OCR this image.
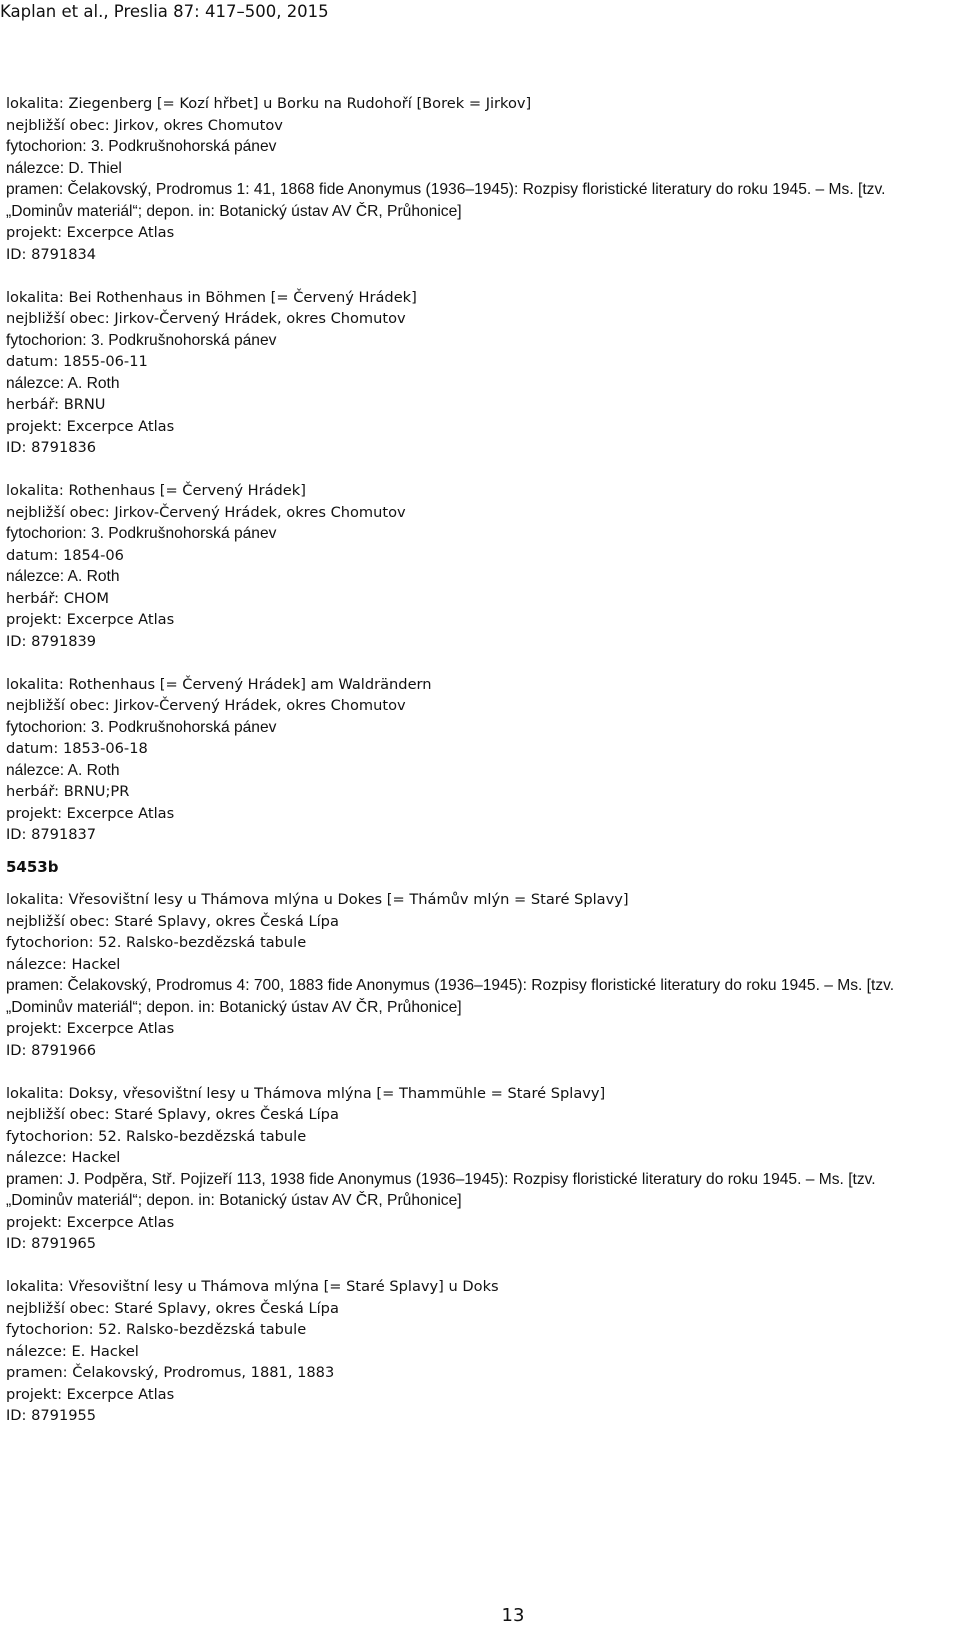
Kaplan et al., Preslia 87: 417–500, 2015
lokalita: Ziegenberg [= Kozí hřbet] u Borku na Rudohoří [Borek = Jirkov]
nejbližší obec: Jirkov, okres Chomutov
fytochorion: 3. Podkrušnohorská pánev
nálezce: D. Thiel
pramen: Čelakovský, Prodromus 1: 41, 1868 fide Anonymus (1936–1945): Rozpisy floristické literatury do roku 1945. – Ms. [tzv.
„Dominův materiál“; depon. in: Botanický ústav AV ČR, Průhonice]
projekt: Excerpce Atlas
ID: 8791834
lokalita: Bei Rothenhaus in Böhmen [= Červený Hrádek]
nejbližší obec: Jirkov-Červený Hrádek, okres Chomutov
fytochorion: 3. Podkrušnohorská pánev
datum: 1855-06-11
nálezce: A. Roth
herbář: BRNU
projekt: Excerpce Atlas
ID: 8791836
lokalita: Rothenhaus [= Červený Hrádek]
nejbližší obec: Jirkov-Červený Hrádek, okres Chomutov
fytochorion: 3. Podkrušnohorská pánev
datum: 1854-06
nálezce: A. Roth
herbář: CHOM
projekt: Excerpce Atlas
ID: 8791839
lokalita: Rothenhaus [= Červený Hrádek] am Waldrändern
nejbližší obec: Jirkov-Červený Hrádek, okres Chomutov
fytochorion: 3. Podkrušnohorská pánev
datum: 1853-06-18
nálezce: A. Roth
herbář: BRNU;PR
projekt: Excerpce Atlas
ID: 8791837
5453b
lokalita: Vřesovištní lesy u Thámova mlýna u Dokes [= Thámův mlýn = Staré Splavy]
nejbližší obec: Staré Splavy, okres Česká Lípa
fytochorion: 52. Ralsko-bezdězská tabule
nálezce: Hackel
pramen: Čelakovský, Prodromus 4: 700, 1883 fide Anonymus (1936–1945): Rozpisy floristické literatury do roku 1945. – Ms. [tzv.
„Dominův materiál“; depon. in: Botanický ústav AV ČR, Průhonice]
projekt: Excerpce Atlas
ID: 8791966
lokalita: Doksy, vřesovištní lesy u Thámova mlýna [= Thammühle = Staré Splavy]
nejbližší obec: Staré Splavy, okres Česká Lípa
fytochorion: 52. Ralsko-bezdězská tabule
nálezce: Hackel
pramen: J. Podpěra, Stř. Pojizeří 113, 1938 fide Anonymus (1936–1945): Rozpisy floristické literatury do roku 1945. – Ms. [tzv.
„Dominův materiál“; depon. in: Botanický ústav AV ČR, Průhonice]
projekt: Excerpce Atlas
ID: 8791965
lokalita: Vřesovištní lesy u Thámova mlýna [= Staré Splavy] u Doks
nejbližší obec: Staré Splavy, okres Česká Lípa
fytochorion: 52. Ralsko-bezdězská tabule
nálezce: E. Hackel
pramen: Čelakovský, Prodromus, 1881, 1883
projekt: Excerpce Atlas
ID: 8791955
13
